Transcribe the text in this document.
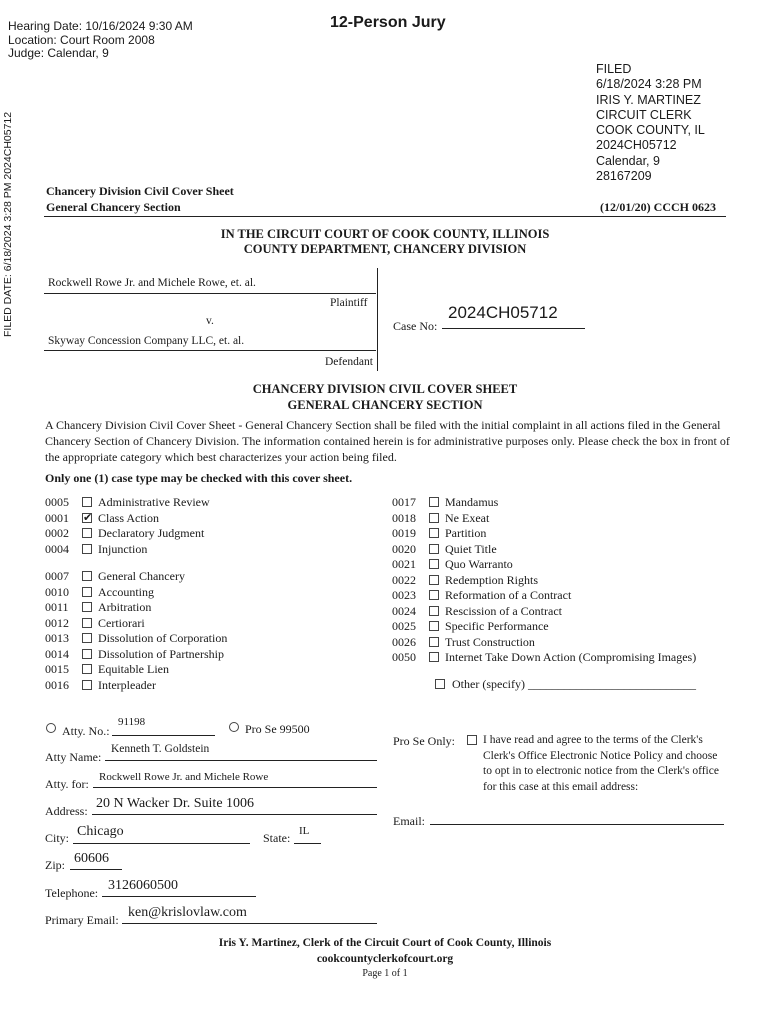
Hearing Date: 10/16/2024 9:30 AM
Location: Court Room 2008
Judge: Calendar, 9
12-Person Jury
FILED
6/18/2024 3:28 PM
IRIS Y. MARTINEZ
CIRCUIT CLERK
COOK COUNTY, IL
2024CH05712
Calendar, 9
28167209
FILED DATE: 6/18/2024 3:28 PM 2024CH05712	Chancery Division Civil Cover Sheet
General Chancery Section	(12/01/20) CCCH 0623
IN THE CIRCUIT COURT OF COOK COUNTY, ILLINOIS
COUNTY DEPARTMENT, CHANCERY DIVISION
Rockwell Rowe Jr. and Michele Rowe, et. al.
Plaintiff
v.
Skyway Concession Company LLC, et. al.
Defendant
Case No:
2024CH05712
CHANCERY DIVISION CIVIL COVER SHEET
GENERAL CHANCERY SECTION
A Chancery Division Civil Cover Sheet - General Chancery Section shall be filed with the initial complaint in all actions filed in the General Chancery Section of Chancery Division. The information contained herein is for administrative purposes only. Please check the box in front of the appropriate category which best characterizes your action being filed.
Only one (1) case type may be checked with this cover sheet.
0005 Administrative Review
0001 ✔ Class Action
0002 Declaratory Judgment
0004 Injunction
0007 General Chancery
0010 Accounting
0011 Arbitration
0012 Certiorari
0013 Dissolution of Corporation
0014 Dissolution of Partnership
0015 Equitable Lien
0016 Interpleader
0017 Mandamus
0018 Ne Exeat
0019 Partition
0020 Quiet Title
0021 Quo Warranto
0022 Redemption Rights
0023 Reformation of a Contract
0024 Rescission of a Contract
0025 Specific Performance
0026 Trust Construction
0050 Internet Take Down Action (Compromising Images)
Other (specify) ____________________________
Atty. No.:
91198	Pro Se 99500
Atty Name:
Kenneth T. Goldstein
Atty. for: Rockwell Rowe Jr. and Michele Rowe
Address: 20 N Wacker Dr. Suite 1006
City: Chicago	State: IL
Zip: 60606
Telephone: 3126060500
Primary Email: ken@krislovlaw.com
Pro Se Only: I have read and agree to the terms of the Clerk's Clerk's Office Electronic Notice Policy and choose to opt in to electronic notice from the Clerk's office for this case at this email address:
Email:
Iris Y. Martinez, Clerk of the Circuit Court of Cook County, Illinois
cookcountyclerkofcourt.org
Page 1 of 1
